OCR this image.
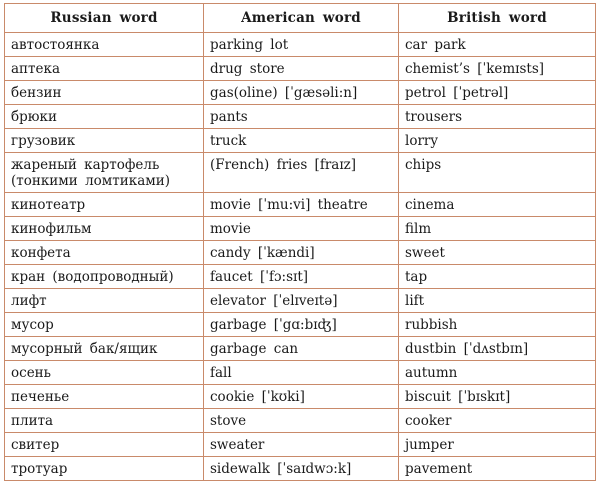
Russian word	American word	British word
автостоянка	parking lot	car park
аптека	drug store	chemist’s [ˈkemɪsts]
бензин	gas(oline) [ˈgæsəli:n]	petrol [ˈpetrəl]
брюки	pants	trousers
грузовик	truck	lorry
жареный картофель (тонкими ломтиками)	(French) fries [fraɪz]	chips
кинотеатр	movie [ˈmu:vi] theatre	cinema
кинофильм	movie	film
конфета	candy [ˈkændi]	sweet
кран (водопроводный)	faucet [ˈfɔ:sɪt]	tap
лифт	elevator [ˈelɪveɪtə]	lift
мусор	garbage [ˈgɑ:bɪʤ]	rubbish
мусорный бак/ящик	garbage can	dustbin [ˈdʌstbɪn]
осень	fall	autumn
печенье	cookie [ˈkʊki]	biscuit [ˈbɪskɪt]
плита	stove	cooker
свитер	sweater	jumper
тротуар	sidewalk [ˈsaɪdwɔ:k]	pavement
